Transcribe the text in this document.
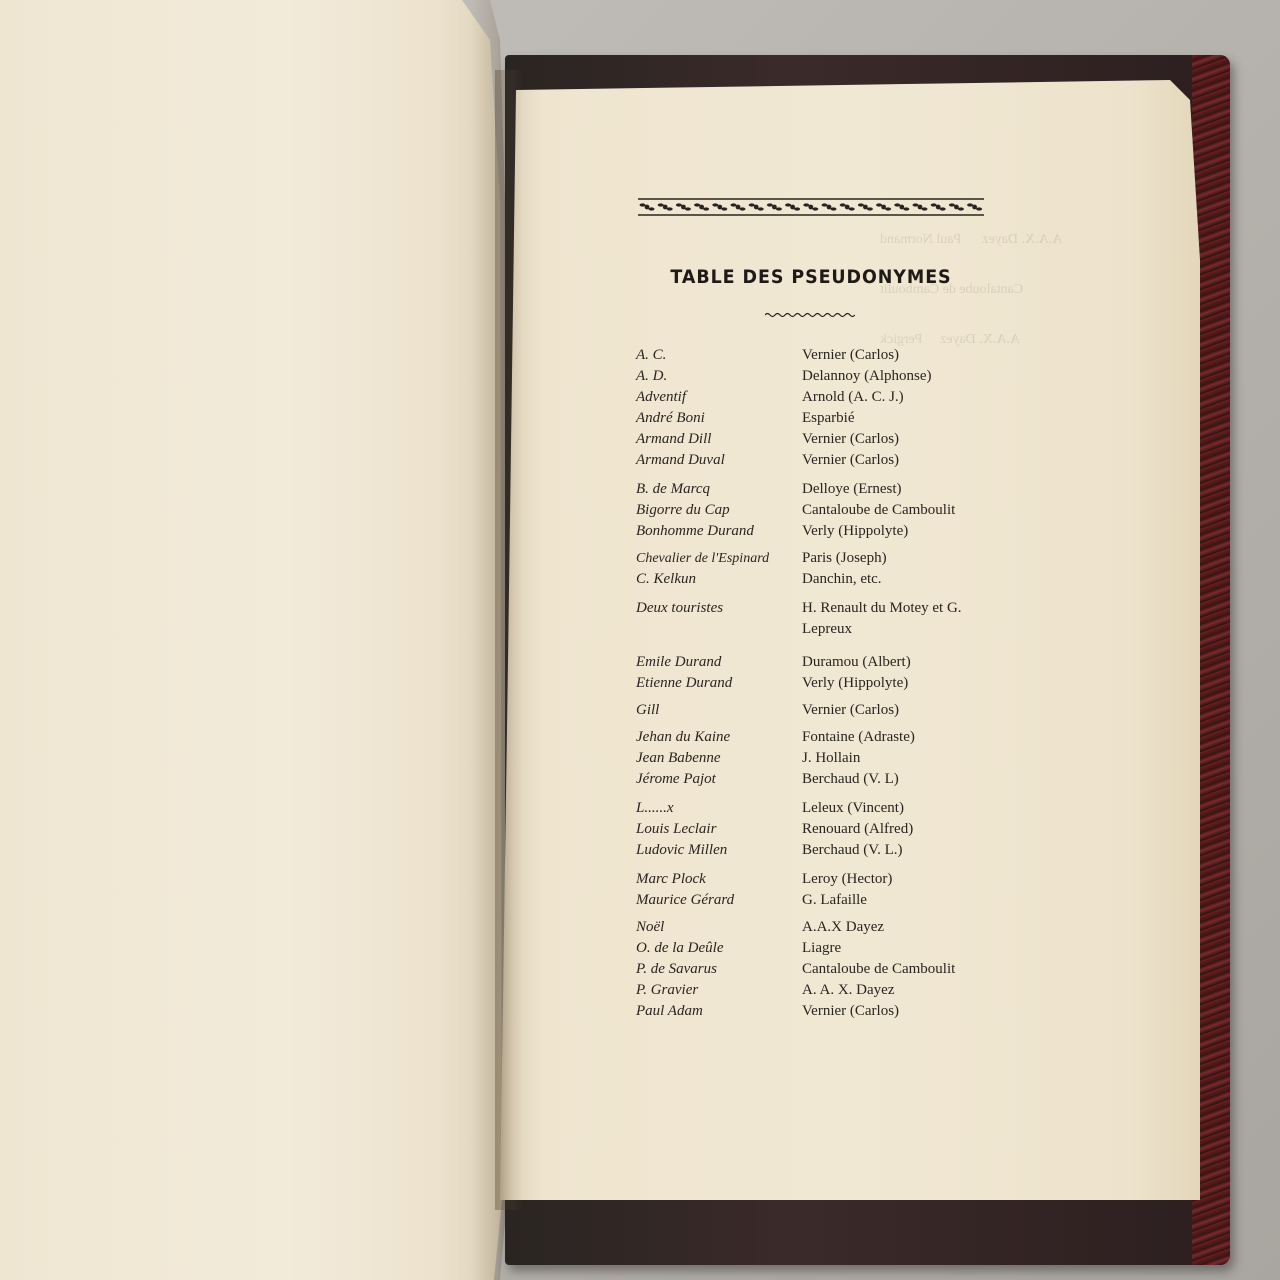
A.A.X. Dayez      Paul Normand
Cantaloube de Camboulit
A.A.X. Dayez     Pergick
TABLE DES PSEUDONYMES
A. C.	Vernier (Carlos)
A. D.	Delannoy (Alphonse)
Adventif	Arnold (A. C. J.)
André Boni	Esparbié
Armand Dill	Vernier (Carlos)
Armand Duval	Vernier (Carlos)
B. de Marcq	Delloye (Ernest)
Bigorre du Cap	Cantaloube de Camboulit
Bonhomme Durand	Verly (Hippolyte)
Chevalier de l'Espinard	Paris (Joseph)
C. Kelkun	Danchin, etc.
Deux touristes	H. Renault du Motey et G. Lepreux
Emile Durand	Duramou (Albert)
Etienne Durand	Verly (Hippolyte)
Gill	Vernier (Carlos)
Jehan du Kaine	Fontaine (Adraste)
Jean Babenne	J. Hollain
Jérome Pajot	Berchaud (V. L)
L......x	Leleux (Vincent)
Louis Leclair	Renouard (Alfred)
Ludovic Millen	Berchaud (V. L.)
Marc Plock	Leroy (Hector)
Maurice Gérard	G. Lafaille
Noël	A.A.X Dayez
O. de la Deûle	Liagre
P. de Savarus	Cantaloube de Camboulit
P. Gravier	A. A. X. Dayez
Paul Adam	Vernier (Carlos)
